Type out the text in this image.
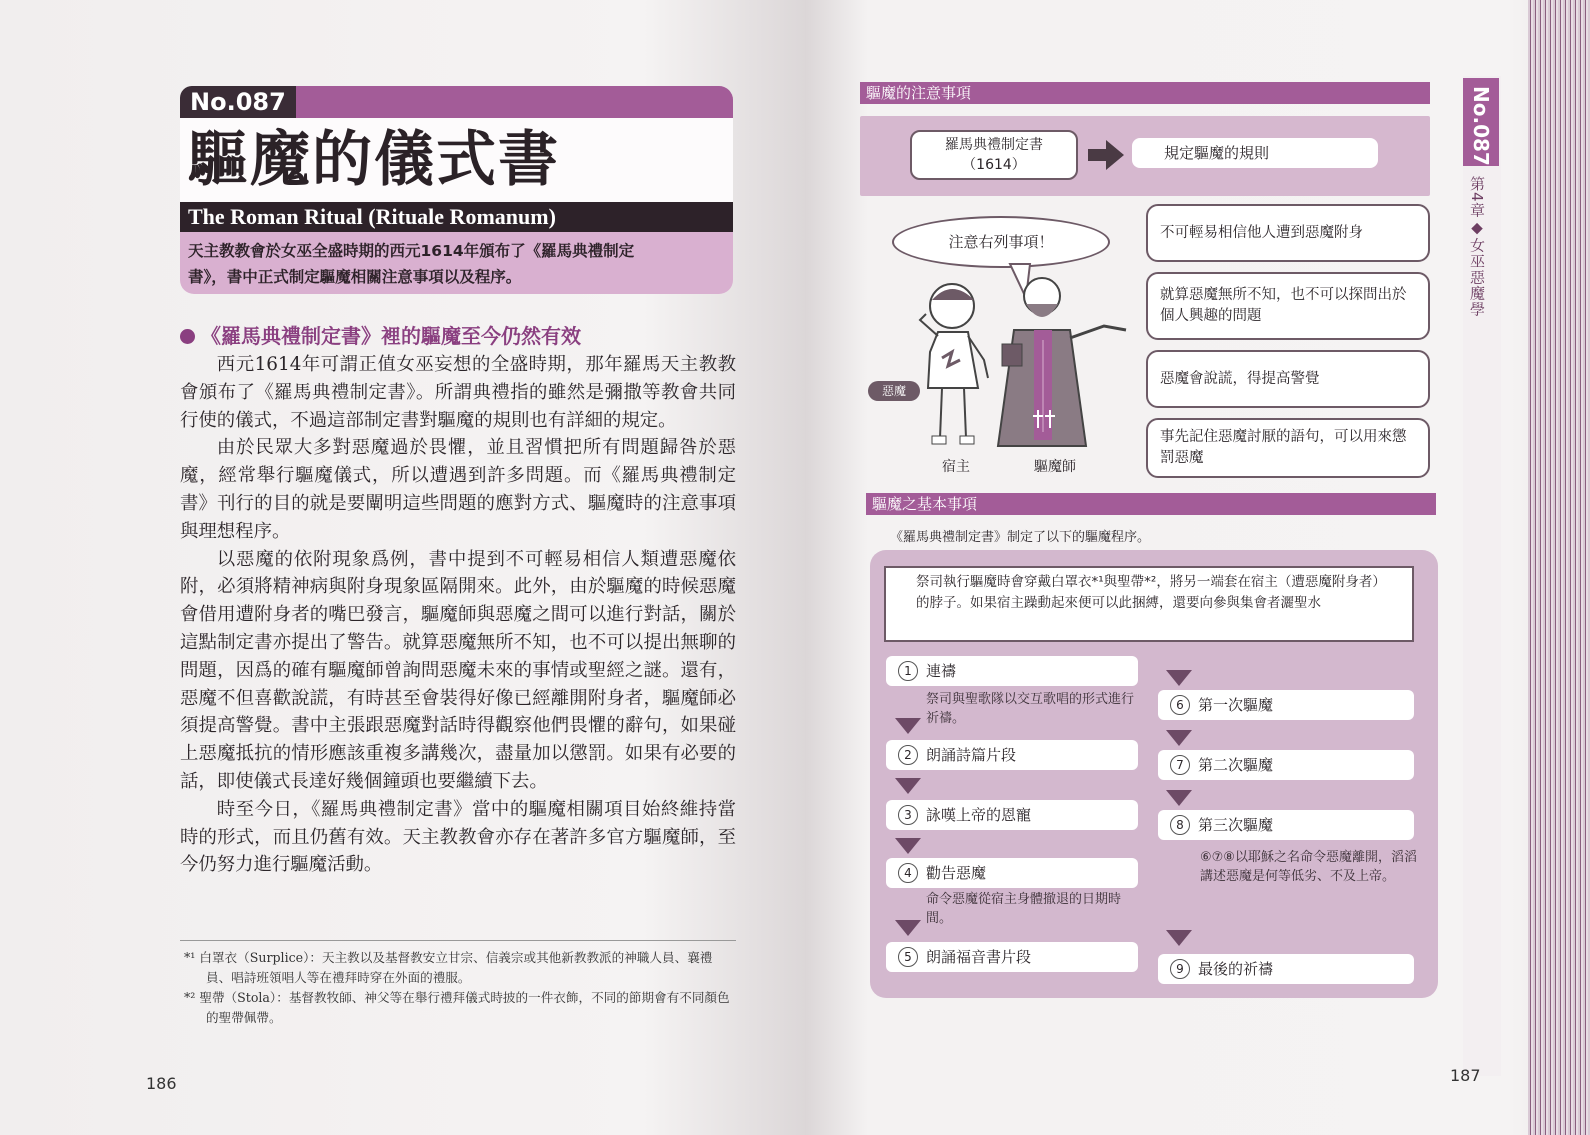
No.087
驅魔的儀式書
The Roman Ritual (Rituale Romanum)
天主教教會於女巫全盛時期的西元1614年頒布了《羅馬典禮制定
書》，書中正式制定驅魔相關注意事項以及程序。
《羅馬典禮制定書》裡的驅魔至今仍然有效

西元1614年可謂正值女巫妄想的全盛時期，那年羅馬天主教教會頒布了《羅馬典禮制定書》。所謂典禮指的雖然是彌撒等教會共同行使的儀式，不過這部制定書對驅魔的規則也有詳細的規定。

由於民眾大多對惡魔過於畏懼，並且習慣把所有問題歸咎於惡魔，經常舉行驅魔儀式，所以遭遇到許多問題。而《羅馬典禮制定書》刊行的目的就是要闡明這些問題的應對方式、驅魔時的注意事項與理想程序。

以惡魔的依附現象爲例，書中提到不可輕易相信人類遭惡魔依附，必須將精神病與附身現象區隔開來。此外，由於驅魔的時候惡魔會借用遭附身者的嘴巴發言，驅魔師與惡魔之間可以進行對話，關於這點制定書亦提出了警告。就算惡魔無所不知，也不可以提出無聊的問題，因爲的確有驅魔師曾詢問惡魔未來的事情或聖經之謎。還有，惡魔不但喜歡說謊，有時甚至會裝得好像已經離開附身者，驅魔師必須提高警覺。書中主張跟惡魔對話時得觀察他們畏懼的辭句，如果碰上惡魔抵抗的情形應該重複多講幾次，盡量加以懲罰。如果有必要的話，即使儀式長達好幾個鐘頭也要繼續下去。

時至今日，《羅馬典禮制定書》當中的驅魔相關項目始終維持當時的形式，而且仍舊有效。天主教教會亦存在著許多官方驅魔師，至今仍努力進行驅魔活動。

*¹ 白罩衣（Surplice）：天主教以及基督教安立甘宗、信義宗或其他新教教派的神職人員、襄禮員、唱詩班領唱人等在禮拜時穿在外面的禮服。
*² 聖帶（Stola）：基督教牧師、神父等在舉行禮拜儀式時披的一件衣飾，不同的節期會有不同顏色的聖帶佩帶。
186
驅魔的注意事項
羅馬典禮制定書
（1614）
規定驅魔的規則
注意右列事項！
惡魔
宿主	驅魔師
不可輕易相信他人遭到惡魔附身
就算惡魔無所不知，也不可以探問出於個人興趣的問題
惡魔會說謊，得提高警覺
事先記住惡魔討厭的語句，可以用來懲罰惡魔
驅魔之基本事項
《羅馬典禮制定書》制定了以下的驅魔程序。
祭司執行驅魔時會穿戴白罩衣*¹與聖帶*²，將另一端套在宿主（遭惡魔附身者）的脖子。如果宿主躁動起來便可以此捆縛，還要向參與集會者灑聖水
1 連禱
祭司與聖歌隊以交互歌唱的形式進行祈禱。
2 朗誦詩篇片段
3 詠嘆上帝的恩寵
4 勸告惡魔
命令惡魔從宿主身體撤退的日期時間。
5 朗誦福音書片段
6 第一次驅魔
7 第二次驅魔
8 第三次驅魔
⑥⑦⑧以耶穌之名命令惡魔離開，滔滔講述惡魔是何等低劣、不及上帝。
9 最後的祈禱
No.087
第4章◆女巫惡魔學
187
